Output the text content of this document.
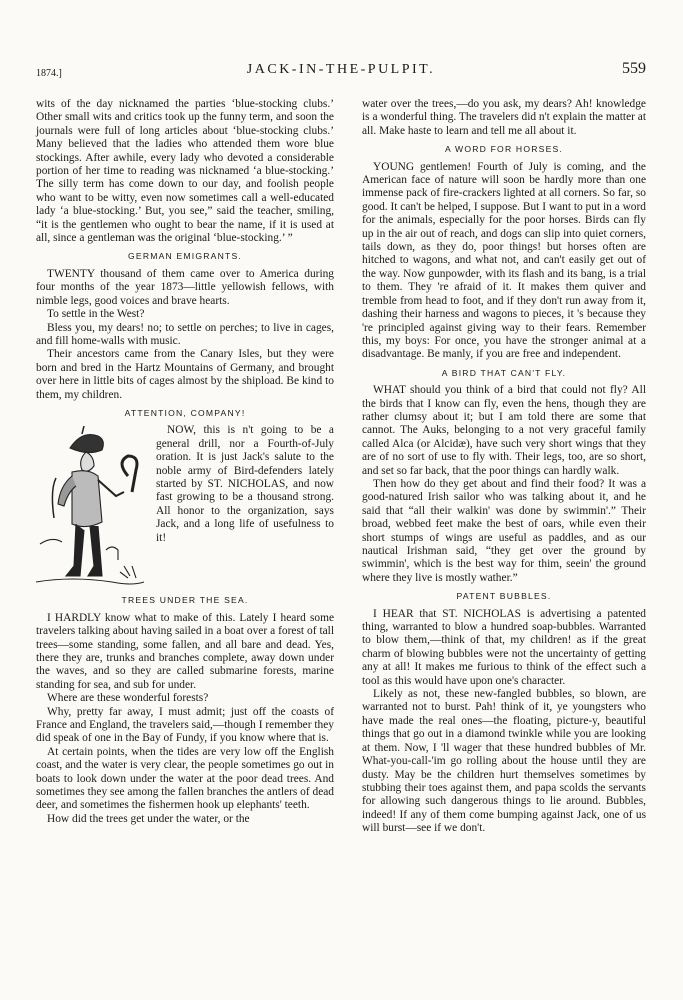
1874.]	JACK-IN-THE-PULPIT.	559

wits of the day nicknamed the parties ‘blue-stocking clubs.’ Other small wits and critics took up the funny term, and soon the journals were full of long articles about ‘blue-stocking clubs.’ Many believed that the ladies who attended them wore blue stockings. After awhile, every lady who devoted a considerable portion of her time to reading was nicknamed ‘a blue-stocking.’ The silly term has come down to our day, and foolish people who want to be witty, even now sometimes call a well-educated lady ‘a blue-stocking.’ But, you see,” said the teacher, smiling, “it is the gentlemen who ought to bear the name, if it is used at all, since a gentleman was the original ‘blue-stocking.’ ”

GERMAN EMIGRANTS.

TWENTY thousand of them came over to America during four months of the year 1873—little yellowish fellows, with nimble legs, good voices and brave hearts.

To settle in the West?

Bless you, my dears! no; to settle on perches; to live in cages, and fill home-walls with music.

Their ancestors came from the Canary Isles, but they were born and bred in the Hartz Mountains of Germany, and brought over here in little bits of cages almost by the shipload. Be kind to them, my children.

ATTENTION, COMPANY!

NOW, this is n't going to be a general drill, nor a Fourth-of-July oration. It is just Jack's salute to the noble army of Bird-defenders lately started by ST. NICHOLAS, and now fast growing to be a thousand strong. All honor to the organization, says Jack, and a long life of usefulness to it!

TREES UNDER THE SEA.

I HARDLY know what to make of this. Lately I heard some travelers talking about having sailed in a boat over a forest of tall trees—some standing, some fallen, and all bare and dead. Yes, there they are, trunks and branches complete, away down under the waves, and so they are called submarine forests, marine standing for sea, and sub for under.

Where are these wonderful forests?

Why, pretty far away, I must admit; just off the coasts of France and England, the travelers said,—though I remember they did speak of one in the Bay of Fundy, if you know where that is.

At certain points, when the tides are very low off the English coast, and the water is very clear, the people sometimes go out in boats to look down under the water at the poor dead trees. And sometimes they see among the fallen branches the antlers of dead deer, and sometimes the fishermen hook up elephants' teeth.

How did the trees get under the water, or the

water over the trees,—do you ask, my dears? Ah! knowledge is a wonderful thing. The travelers did n't explain the matter at all. Make haste to learn and tell me all about it.

A WORD FOR HORSES.

YOUNG gentlemen! Fourth of July is coming, and the American face of nature will soon be hardly more than one immense pack of fire-crackers lighted at all corners. So far, so good. It can't be helped, I suppose. But I want to put in a word for the animals, especially for the poor horses. Birds can fly up in the air out of reach, and dogs can slip into quiet corners, tails down, as they do, poor things! but horses often are hitched to wagons, and what not, and can't easily get out of the way. Now gunpowder, with its flash and its bang, is a trial to them. They 're afraid of it. It makes them quiver and tremble from head to foot, and if they don't run away from it, dashing their harness and wagons to pieces, it 's because they 're principled against giving way to their fears. Remember this, my boys: For once, you have the stronger animal at a disadvantage. Be manly, if you are free and independent.

A BIRD THAT CAN'T FLY.

WHAT should you think of a bird that could not fly? All the birds that I know can fly, even the hens, though they are rather clumsy about it; but I am told there are some that cannot. The Auks, belonging to a not very graceful family called Alca (or Alcidæ), have such very short wings that they are of no sort of use to fly with. Their legs, too, are so short, and set so far back, that the poor things can hardly walk.

Then how do they get about and find their food? It was a good-natured Irish sailor who was talking about it, and he said that “all their walkin' was done by swimmin'.” Their broad, webbed feet make the best of oars, while even their short stumps of wings are useful as paddles, and as our nautical Irishman said, “they get over the ground by swimmin', which is the best way for thim, seein' the ground where they live is mostly wather.”

PATENT BUBBLES.

I HEAR that ST. NICHOLAS is advertising a patented thing, warranted to blow a hundred soap-bubbles. Warranted to blow them,—think of that, my children! as if the great charm of blowing bubbles were not the uncertainty of getting any at all! It makes me furious to think of the effect such a tool as this would have upon one's character.

Likely as not, these new-fangled bubbles, so blown, are warranted not to burst. Pah! think of it, ye youngsters who have made the real ones—the floating, picture-y, beautiful things that go out in a diamond twinkle while you are looking at them. Now, I 'll wager that these hundred bubbles of Mr. What-you-call-'im go rolling about the house until they are dusty. May be the children hurt themselves sometimes by stubbing their toes against them, and papa scolds the servants for allowing such dangerous things to lie around. Bubbles, indeed! If any of them come bumping against Jack, one of us will burst—see if we don't.
